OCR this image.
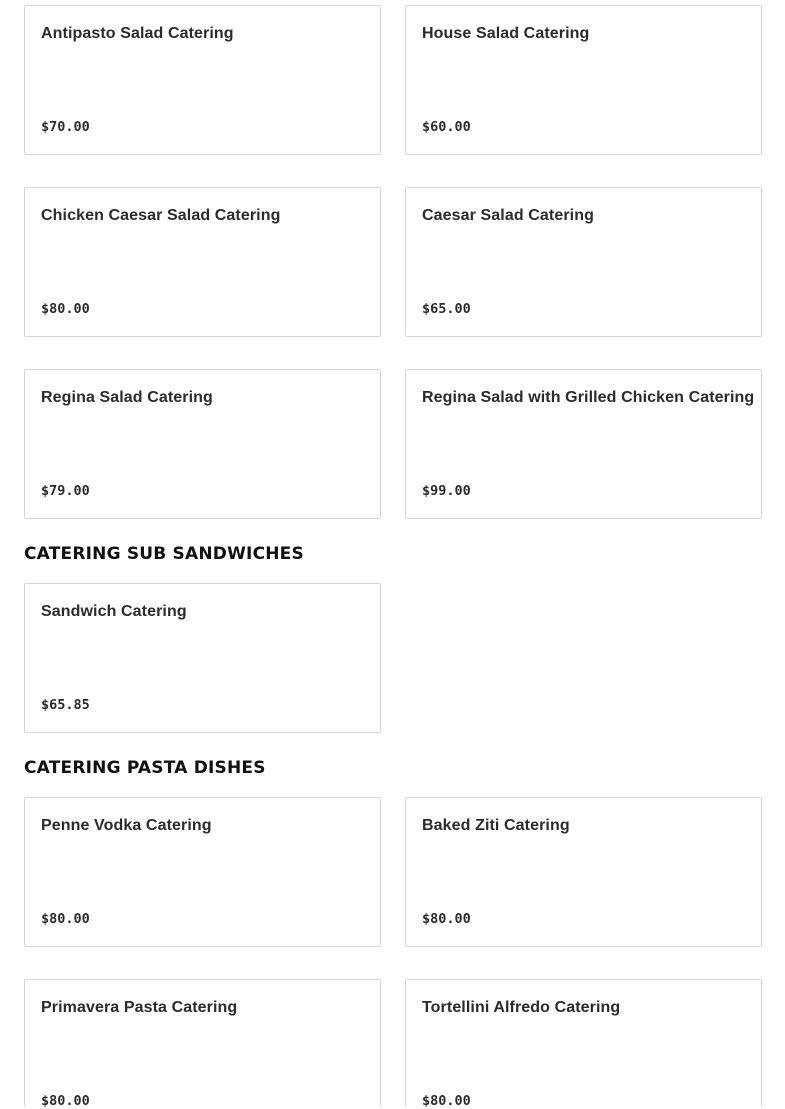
Antipasto Salad Catering
$70.00
House Salad Catering
$60.00
Chicken Caesar Salad Catering
$80.00
Caesar Salad Catering
$65.00
Regina Salad Catering
$79.00
Regina Salad with Grilled Chicken Catering
$99.00
CATERING SUB SANDWICHES
Sandwich Catering
$65.85
CATERING PASTA DISHES
Penne Vodka Catering
$80.00
Baked Ziti Catering
$80.00
Primavera Pasta Catering
$80.00
Tortellini Alfredo Catering
$80.00
